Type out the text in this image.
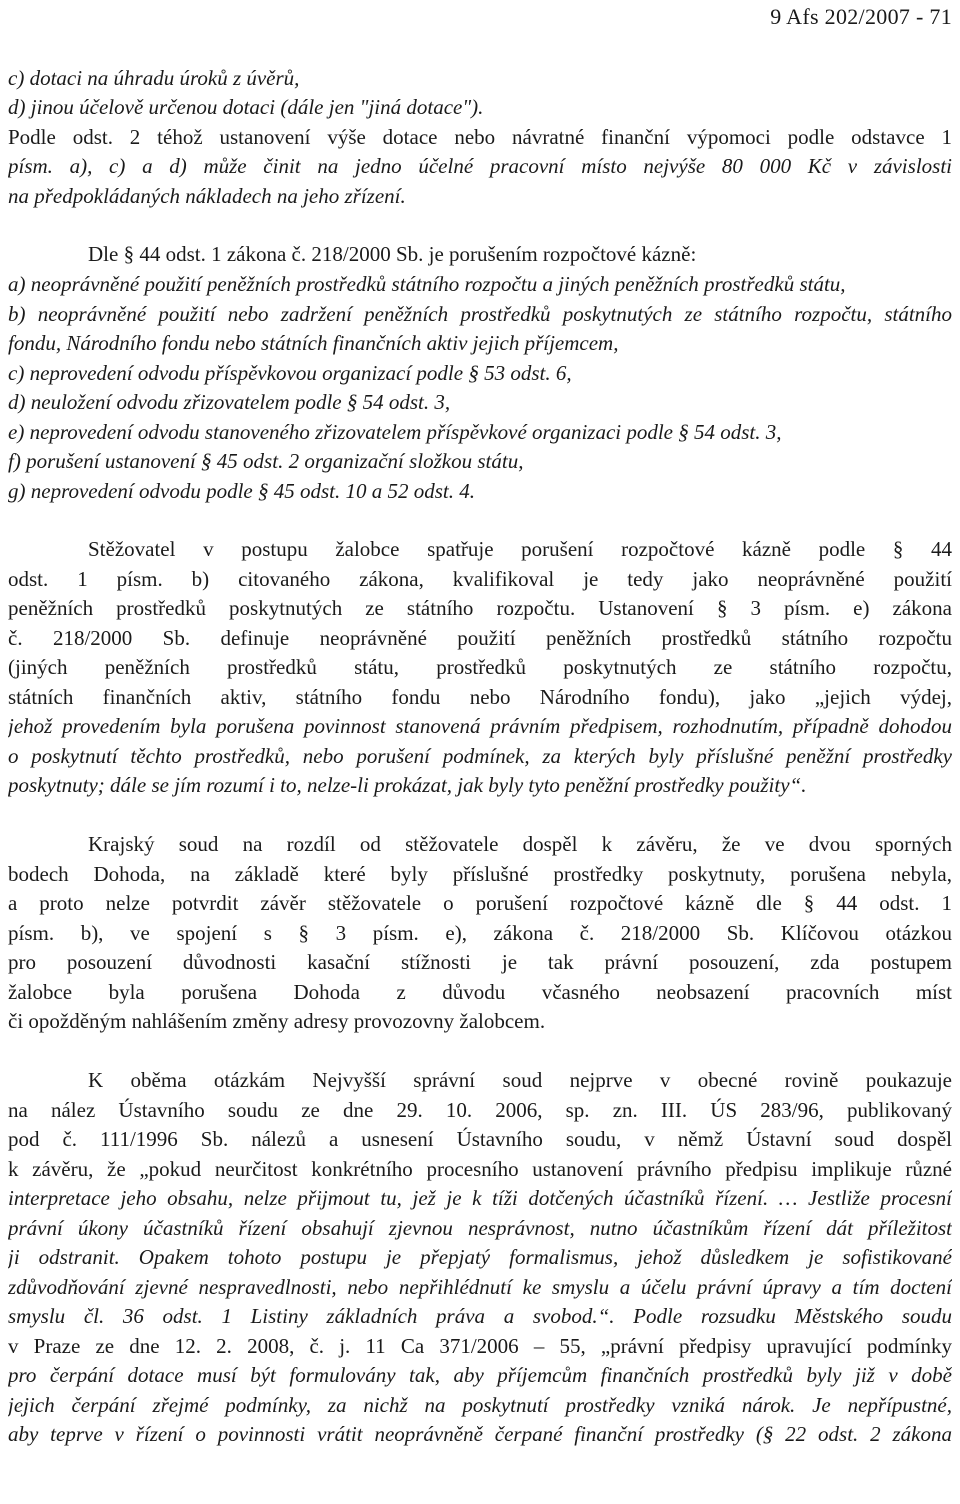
9 Afs 202/2007 - 71
c) dotaci na úhradu úroků z úvěrů,
d) jinou účelově určenou dotaci (dále jen "jiná dotace").
Podle odst. 2 téhož ustanovení výše dotace nebo návratné finanční výpomoci podle odstavce 1
písm. a), c) a d) může činit na jedno účelné pracovní místo nejvýše 80 000 Kč v závislosti
na předpokládaných nákladech na jeho zřízení.
Dle § 44 odst. 1 zákona č. 218/2000 Sb. je porušením rozpočtové kázně:
a) neoprávněné použití peněžních prostředků státního rozpočtu a jiných peněžních prostředků státu,
b) neoprávněné použití nebo zadržení peněžních prostředků poskytnutých ze státního rozpočtu, státního
fondu, Národního fondu nebo státních finančních aktiv jejich příjemcem,
c) neprovedení odvodu příspěvkovou organizací podle § 53 odst. 6,
d) neuložení odvodu zřizovatelem podle § 54 odst. 3,
e) neprovedení odvodu stanoveného zřizovatelem příspěvkové organizaci podle § 54 odst. 3,
f) porušení ustanovení § 45 odst. 2 organizační složkou státu,
g) neprovedení odvodu podle § 45 odst. 10 a 52 odst. 4.
Stěžovatel v postupu žalobce spatřuje porušení rozpočtové kázně podle § 44
odst. 1 písm. b) citovaného zákona, kvalifikoval je tedy jako neoprávněné použití
peněžních prostředků poskytnutých ze státního rozpočtu. Ustanovení § 3 písm. e) zákona
č. 218/2000 Sb. definuje neoprávněné použití peněžních prostředků státního rozpočtu
(jiných peněžních prostředků státu, prostředků poskytnutých ze státního rozpočtu,
státních finančních aktiv, státního fondu nebo Národního fondu), jako „jejich výdej,
jehož provedením byla porušena povinnost stanovená právním předpisem, rozhodnutím, případně dohodou
o poskytnutí těchto prostředků, nebo porušení podmínek, za kterých byly příslušné peněžní prostředky
poskytnuty; dále se jím rozumí i to, nelze-li prokázat, jak byly tyto peněžní prostředky použity“.
Krajský soud na rozdíl od stěžovatele dospěl k závěru, že ve dvou sporných
bodech Dohoda, na základě které byly příslušné prostředky poskytnuty, porušena nebyla,
a proto nelze potvrdit závěr stěžovatele o porušení rozpočtové kázně dle § 44 odst. 1
písm. b), ve spojení s § 3 písm. e), zákona č. 218/2000 Sb. Klíčovou otázkou
pro posouzení důvodnosti kasační stížnosti je tak právní posouzení, zda postupem
žalobce byla porušena Dohoda z důvodu včasného neobsazení pracovních míst
či opožděným nahlášením změny adresy provozovny žalobcem.
K oběma otázkám Nejvyšší správní soud nejprve v obecné rovině poukazuje
na nález Ústavního soudu ze dne 29. 10. 2006, sp. zn. III. ÚS 283/96, publikovaný
pod č. 111/1996 Sb. nálezů a usnesení Ústavního soudu, v němž Ústavní soud dospěl
k závěru, že „pokud neurčitost konkrétního procesního ustanovení právního předpisu implikuje různé
interpretace jeho obsahu, nelze přijmout tu, jež je k tíži dotčených účastníků řízení. … Jestliže procesní
právní úkony účastníků řízení obsahují zjevnou nesprávnost, nutno účastníkům řízení dát příležitost
ji odstranit. Opakem tohoto postupu je přepjatý formalismus, jehož důsledkem je sofistikované
zdůvodňování zjevné nespravedlnosti, nebo nepřihlédnutí ke smyslu a účelu právní úpravy a tím doctení
smyslu čl. 36 odst. 1 Listiny základních práva a svobod.“. Podle rozsudku Městského soudu
v Praze ze dne 12. 2. 2008, č. j. 11 Ca 371/2006 – 55, „právní předpisy upravující podmínky
pro čerpání dotace musí být formulovány tak, aby příjemcům finančních prostředků byly již v době
jejich čerpání zřejmé podmínky, za nichž na poskytnutí prostředky vzniká nárok. Je nepřípustné,
aby teprve v řízení o povinnosti vrátit neoprávněně čerpané finanční prostředky (§ 22 odst. 2 zákona
